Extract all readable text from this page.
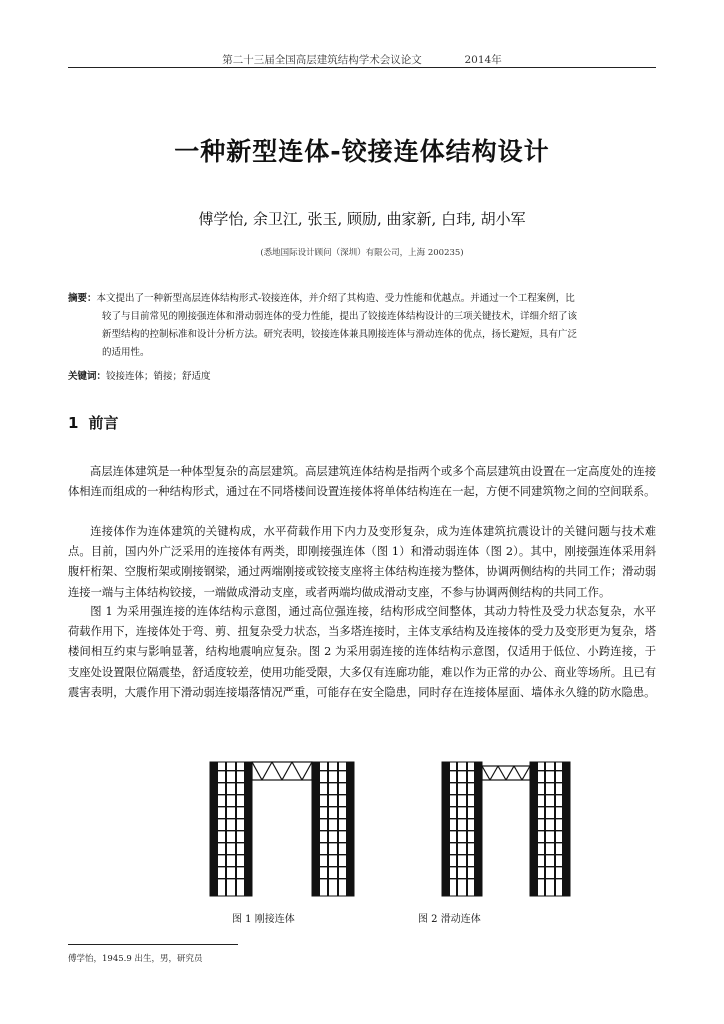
第二十三届全国高层建筑结构学术会议论文	2014年
一种新型连体-铰接连体结构设计
傅学怡, 余卫江, 张玉, 顾励, 曲家新, 白玮, 胡小军
(悉地国际设计顾问（深圳）有限公司，上海 200235)
摘要：本文提出了一种新型高层连体结构形式-铰接连体，并介绍了其构造、受力性能和优越点。并通过一个工程案例，比
较了与目前常见的刚接强连体和滑动弱连体的受力性能，提出了铰接连体结构设计的三项关键技术，详细介绍了该
新型结构的控制标准和设计分析方法。研究表明，铰接连体兼具刚接连体与滑动连体的优点，扬长避短，具有广泛
的适用性。
关键词：铰接连体；销接；舒适度
1 前言
高层连体建筑是一种体型复杂的高层建筑。高层建筑连体结构是指两个或多个高层建筑由设置在一定高度处的连接体相连而组成的一种结构形式，通过在不同塔楼间设置连接体将单体结构连在一起，方便不同建筑物之间的空间联系。
连接体作为连体建筑的关键构成，水平荷载作用下内力及变形复杂，成为连体建筑抗震设计的关键问题与技术难点。目前，国内外广泛采用的连接体有两类，即刚接强连体（图 1）和滑动弱连体（图 2）。其中，刚接强连体采用斜腹杆桁架、空腹桁架或刚接钢梁，通过两端刚接或铰接支座将主体结构连接为整体，协调两侧结构的共同工作；滑动弱连接一端与主体结构铰接，一端做成滑动支座，或者两端均做成滑动支座，不参与协调两侧结构的共同工作。
图 1 为采用强连接的连体结构示意图，通过高位强连接，结构形成空间整体，其动力特性及受力状态复杂，水平荷载作用下，连接体处于弯、剪、扭复杂受力状态，当多塔连接时，主体支承结构及连接体的受力及变形更为复杂，塔楼间相互约束与影响显著，结构地震响应复杂。图 2 为采用弱连接的连体结构示意图，仅适用于低位、小跨连接，于支座处设置限位隔震垫，舒适度较差，使用功能受限，大多仅有连廊功能，难以作为正常的办公、商业等场所。且已有震害表明，大震作用下滑动弱连接塌落情况严重，可能存在安全隐患，同时存在连接体屋面、墙体永久缝的防水隐患。
图 1 刚接连体	图 2 滑动连体
傅学怡，1945.9 出生，男，研究员
